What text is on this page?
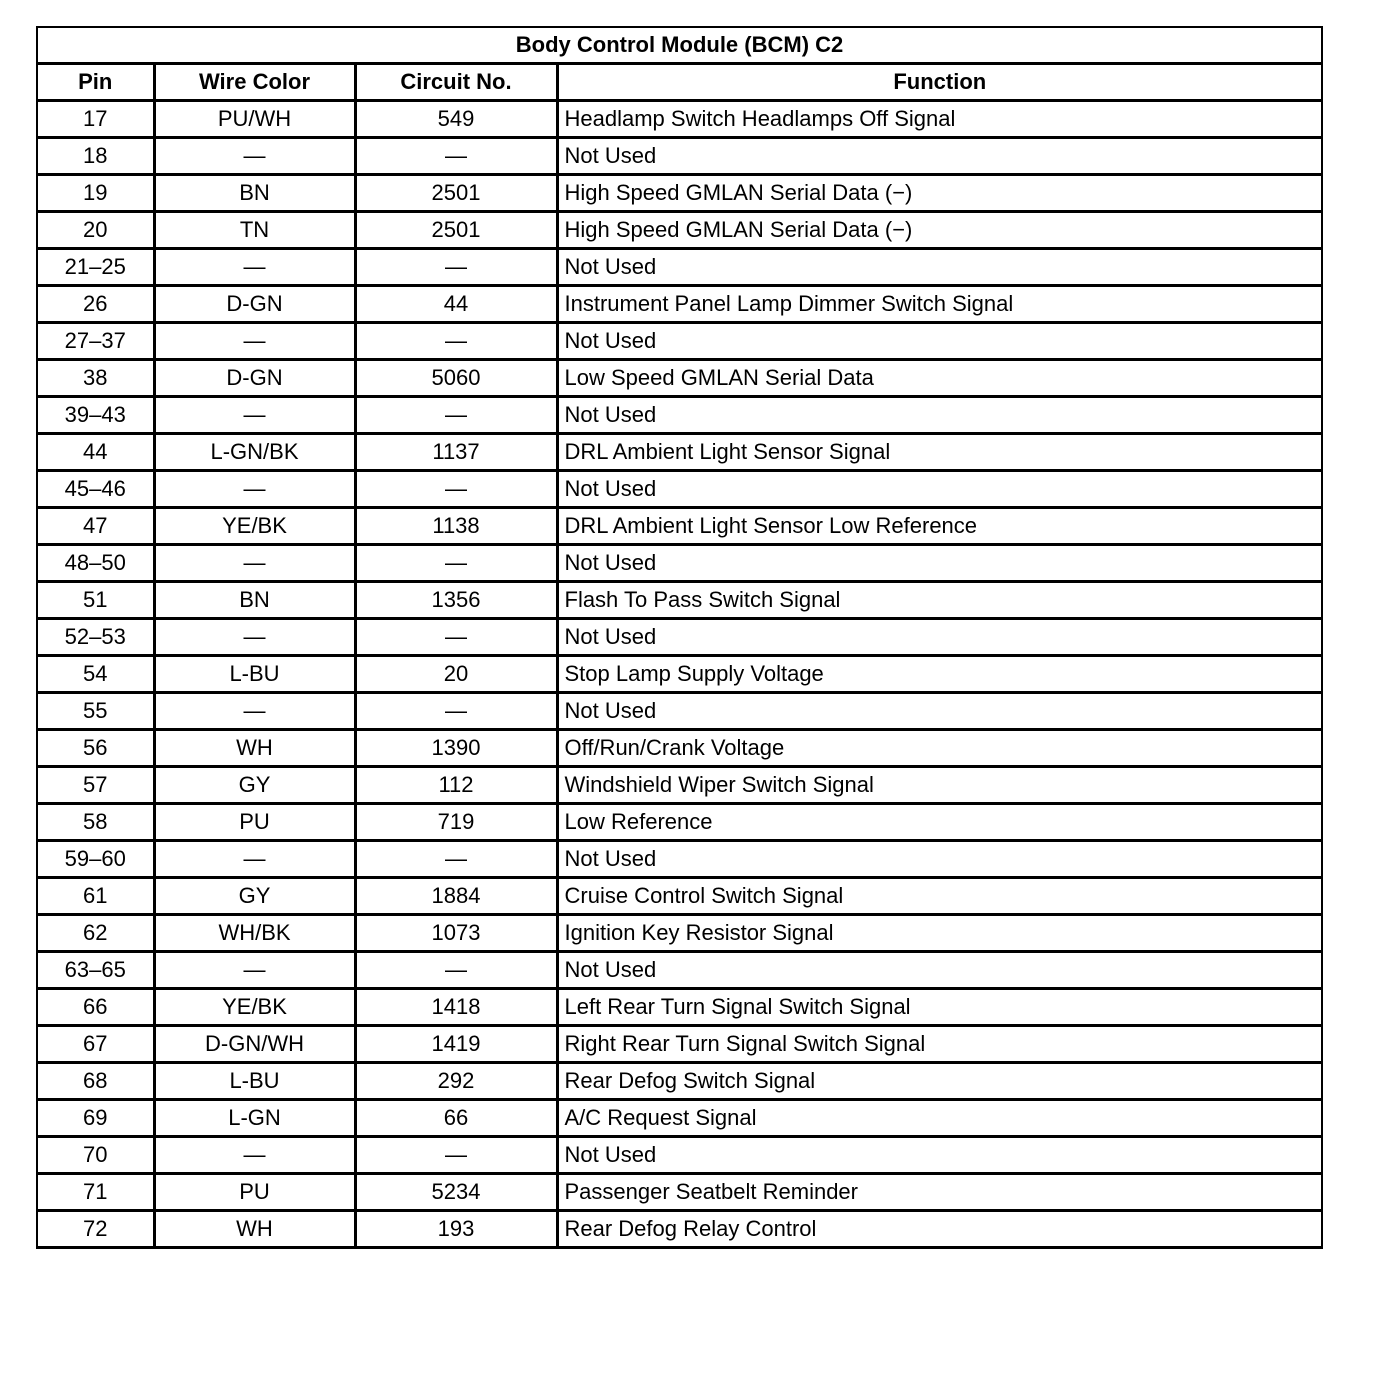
Body Control Module (BCM) C2			
Pin	Wire Color	Circuit No.	Function
17	PU/WH	549	Headlamp Switch Headlamps Off Signal
18	—	—	Not Used
19	BN	2501	High Speed GMLAN Serial Data (−)
20	TN	2501	High Speed GMLAN Serial Data (−)
21–25	—	—	Not Used
26	D-GN	44	Instrument Panel Lamp Dimmer Switch Signal
27–37	—	—	Not Used
38	D-GN	5060	Low Speed GMLAN Serial Data
39–43	—	—	Not Used
44	L-GN/BK	1137	DRL Ambient Light Sensor Signal
45–46	—	—	Not Used
47	YE/BK	1138	DRL Ambient Light Sensor Low Reference
48–50	—	—	Not Used
51	BN	1356	Flash To Pass Switch Signal
52–53	—	—	Not Used
54	L-BU	20	Stop Lamp Supply Voltage
55	—	—	Not Used
56	WH	1390	Off/Run/Crank Voltage
57	GY	112	Windshield Wiper Switch Signal
58	PU	719	Low Reference
59–60	—	—	Not Used
61	GY	1884	Cruise Control Switch Signal
62	WH/BK	1073	Ignition Key Resistor Signal
63–65	—	—	Not Used
66	YE/BK	1418	Left Rear Turn Signal Switch Signal
67	D-GN/WH	1419	Right Rear Turn Signal Switch Signal
68	L-BU	292	Rear Defog Switch Signal
69	L-GN	66	A/C Request Signal
70	—	—	Not Used
71	PU	5234	Passenger Seatbelt Reminder
72	WH	193	Rear Defog Relay Control
